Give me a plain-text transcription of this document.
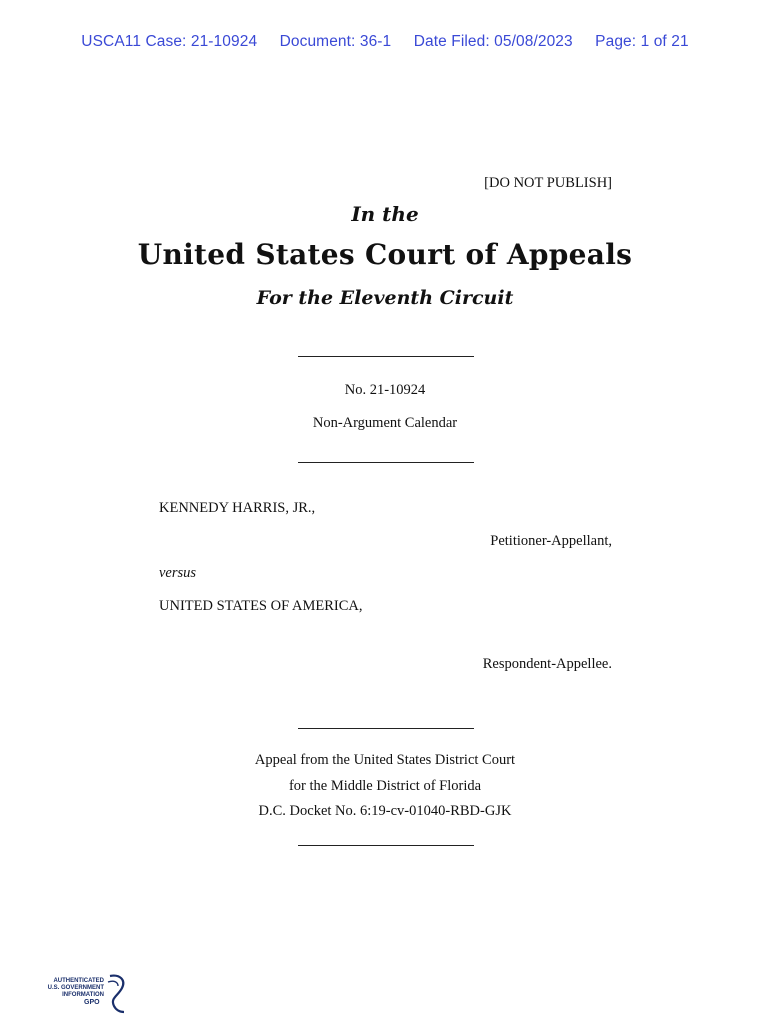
USCA11 Case: 21-10924 Document: 36-1 Date Filed: 05/08/2023 Page: 1 of 21
[DO NOT PUBLISH]
In the
United States Court of Appeals
For the Eleventh Circuit
No. 21-10924
Non-Argument Calendar
KENNEDY HARRIS, JR.,
Petitioner-Appellant,
versus
UNITED STATES OF AMERICA,
Respondent-Appellee.
Appeal from the United States District Court
for the Middle District of Florida
D.C. Docket No. 6:19-cv-01040-RBD-GJK
AUTHENTICATED
U.S. GOVERNMENT
INFORMATION
GPO
